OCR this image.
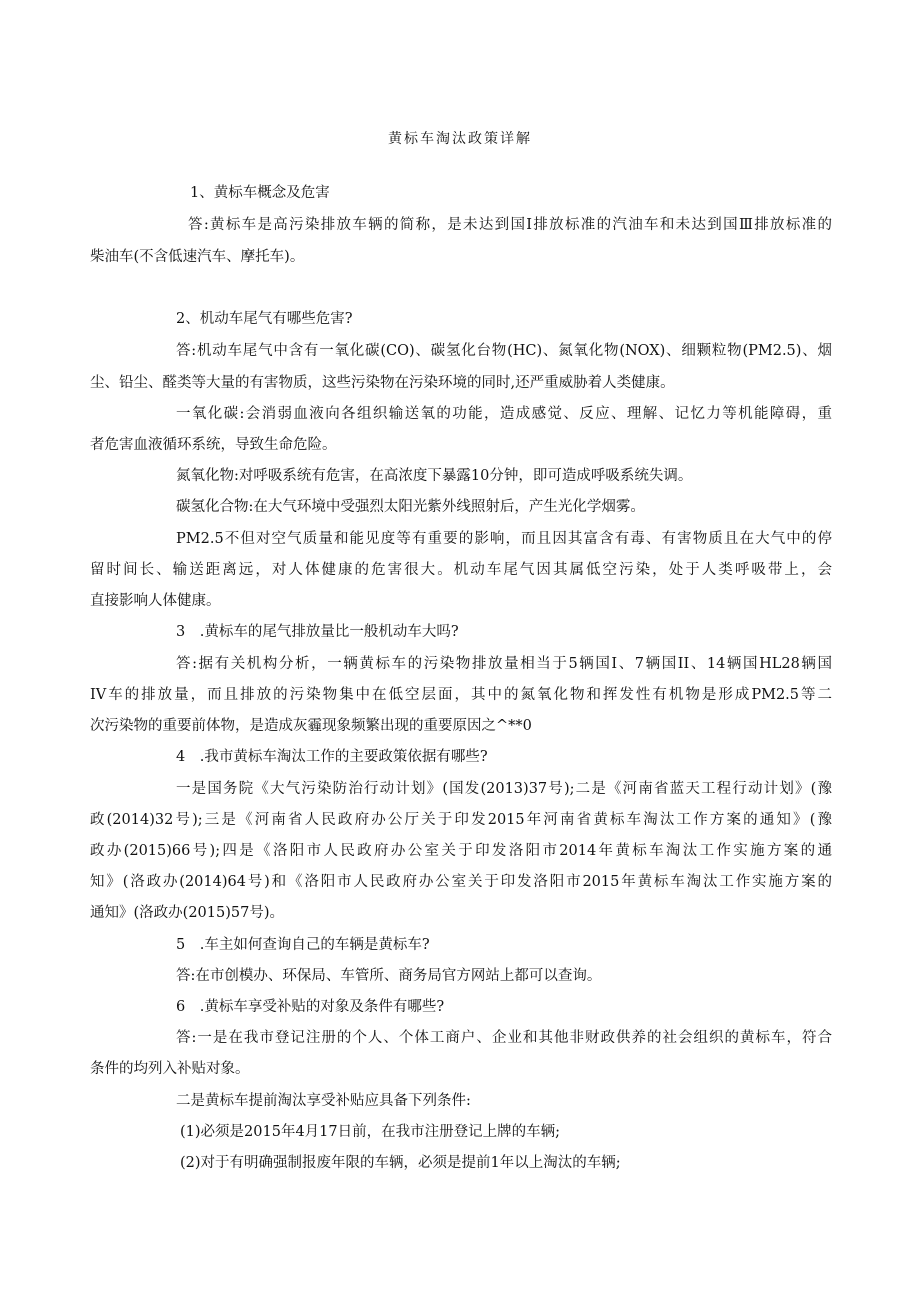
黄标车淘汰政策详解
1、黄标车概念及危害
答:黄标车是高污染排放车辆的简称，是未达到国Ⅰ排放标准的汽油车和未达到国Ⅲ排放标准的
柴油车(不含低速汽车、摩托车)。
2、机动车尾气有哪些危害?
答:机动车尾气中含有一氧化碳(CO)、碳氢化台物(HC)、氮氧化物(NOX)、细颗粒物(PM2.5)、烟
尘、铅尘、醛类等大量的有害物质，这些污染物在污染环境的同时,还严重威胁着人类健康。
一氧化碳:会消弱血液向各组织输送氧的功能，造成感觉、反应、理解、记忆力等机能障碍，重
者危害血液循环系统，导致生命危险。
氮氧化物:对呼吸系统有危害，在高浓度下暴露10分钟，即可造成呼吸系统失调。
碳氢化合物:在大气环境中受强烈太阳光紫外线照射后，产生光化学烟雾。
PM2.5不但对空气质量和能见度等有重要的影响，而且因其富含有毒、有害物质且在大气中的停
留时间长、输送距离远，对人体健康的危害很大。机动车尾气因其属低空污染，处于人类呼吸带上，会
直接影响人体健康。
3　.黄标车的尾气排放量比一般机动车大吗?
答:据有关机构分析，一辆黄标车的污染物排放量相当于5辆国I、7辆国II、14辆国HL28辆国
IV车的排放量，而且排放的污染物集中在低空层面，其中的氮氧化物和挥发性有机物是形成PM2.5等二
次污染物的重要前体物，是造成灰霾现象频繁出现的重要原因之^**0
4　.我市黄标车淘汰工作的主要政策依据有哪些?
一是国务院《大气污染防治行动计划》(国发(2013)37号);二是《河南省蓝天工程行动计划》(豫
政(2014)32号);三是《河南省人民政府办公厅关于印发2015年河南省黄标车淘汰工作方案的通知》(豫
政办(2015)66号);四是《洛阳市人民政府办公室关于印发洛阳市2014年黄标车淘汰工作实施方案的通
知》(洛政办(2014)64号)和《洛阳市人民政府办公室关于印发洛阳市2015年黄标车淘汰工作实施方案的
通知》(洛政办(2015)57号)。
5　.车主如何查询自己的车辆是黄标车?
答:在市创模办、环保局、车管所、商务局官方网站上都可以查询。
6　.黄标车享受补贴的对象及条件有哪些?
答:一是在我市登记注册的个人、个体工商户、企业和其他非财政供养的社会组织的黄标车，符合
条件的均列入补贴对象。
二是黄标车提前淘汰享受补贴应具备下列条件:
(1)必须是2015年4月17日前，在我市注册登记上牌的车辆;
(2)对于有明确强制报废年限的车辆，必须是提前1年以上淘汰的车辆;
